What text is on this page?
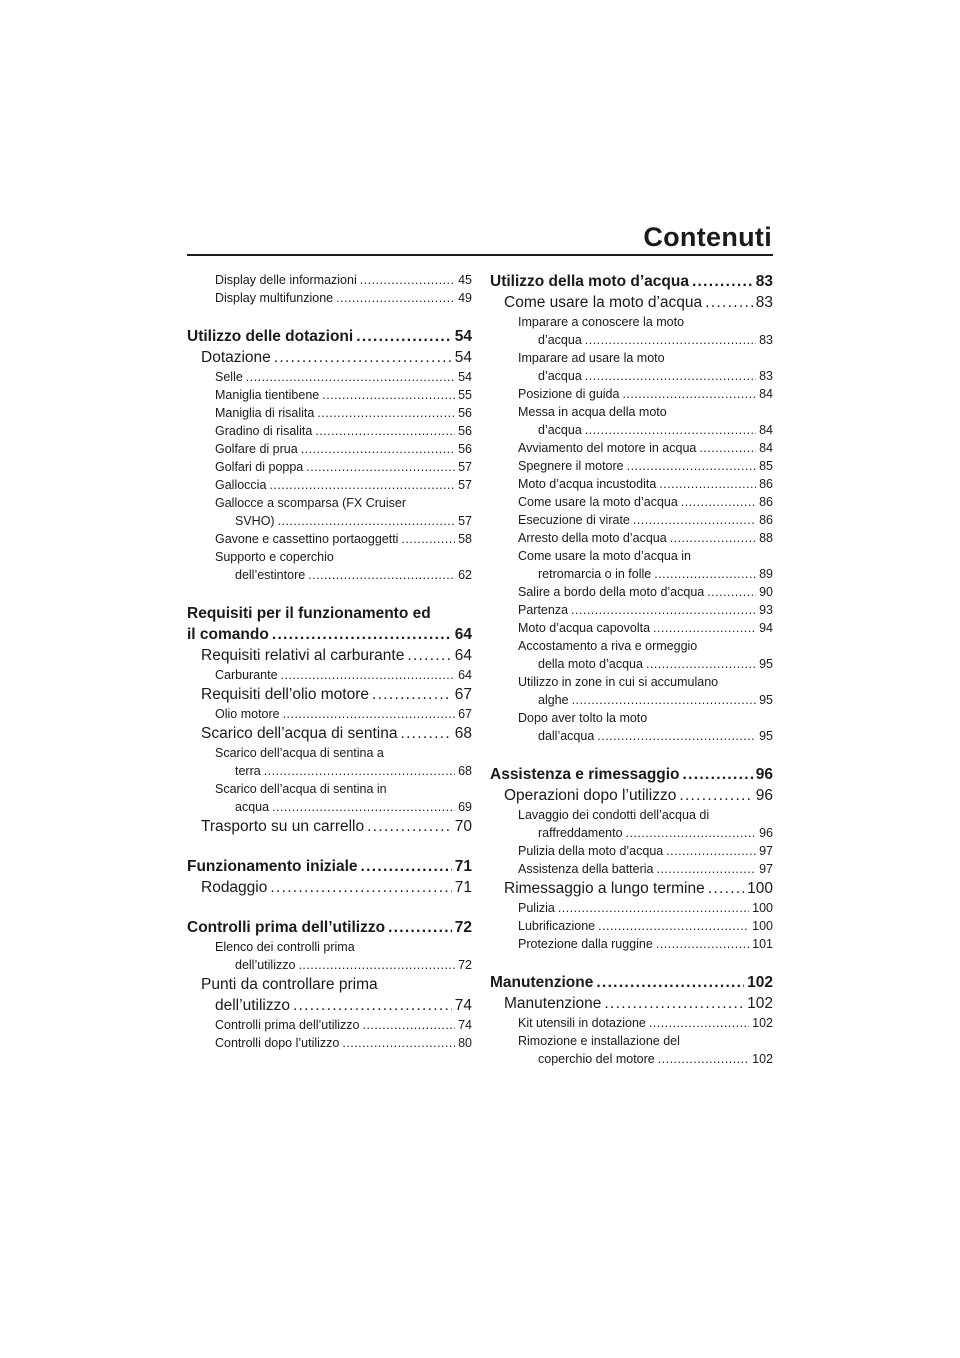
Contenuti
Display delle informazioni . . .	45
Display multifunzione . . .	49
Utilizzo delle dotazioni . . .	54
Dotazione . . .	54
Selle . . .	54
Maniglia tientibene . . .	55
Maniglia di risalita . . .	56
Gradino di risalita . . .	56
Golfare di prua . . .	56
Golfari di poppa . . .	57
Galloccia . . .	57
Gallocce a scomparsa (FX Cruiser
SVHO) . . .	57
Gavone e cassettino portaoggetti . . .	58
Supporto e coperchio
dell’estintore . . .	62
Requisiti per il funzionamento ed
il comando . . .	64
Requisiti relativi al carburante . . .	64
Carburante . . .	64
Requisiti dell’olio motore . . .	67
Olio motore . . .	67
Scarico dell’acqua di sentina . . .	68
Scarico dell’acqua di sentina a
terra . . .	68
Scarico dell’acqua di sentina in
acqua . . .	69
Trasporto su un carrello . . .	70
Funzionamento iniziale . . .	71
Rodaggio . . .	71
Controlli prima dell’utilizzo . . .	72
Elenco dei controlli prima
dell’utilizzo . . .	72
Punti da controllare prima
dell’utilizzo . . .	74
Controlli prima dell’utilizzo . . .	74
Controlli dopo l’utilizzo . . .	80
Utilizzo della moto d’acqua . . .	83
Come usare la moto d’acqua . . .	83
Imparare a conoscere la moto
d’acqua . . .	83
Imparare ad usare la moto
d’acqua . . .	83
Posizione di guida . . .	84
Messa in acqua della moto
d’acqua . . .	84
Avviamento del motore in acqua . . .	84
Spegnere il motore . . .	85
Moto d’acqua incustodita . . .	86
Come usare la moto d’acqua . . .	86
Esecuzione di virate . . .	86
Arresto della moto d’acqua . . .	88
Come usare la moto d’acqua in
retromarcia o in folle . . .	89
Salire a bordo della moto d’acqua . . .	90
Partenza . . .	93
Moto d’acqua capovolta . . .	94
Accostamento a riva e ormeggio
della moto d’acqua . . .	95
Utilizzo in zone in cui si accumulano
alghe . . .	95
Dopo aver tolto la moto
dall’acqua . . .	95
Assistenza e rimessaggio . . .	96
Operazioni dopo l’utilizzo . . .	96
Lavaggio dei condotti dell’acqua di
raffreddamento . . .	96
Pulizia della moto d’acqua . . .	97
Assistenza della batteria . . .	97
Rimessaggio a lungo termine . . .	100
Pulizia . . .	100
Lubrificazione . . .	100
Protezione dalla ruggine . . .	101
Manutenzione . . .	102
Manutenzione . . .	102
Kit utensili in dotazione . . .	102
Rimozione e installazione del
coperchio del motore . . .	102
